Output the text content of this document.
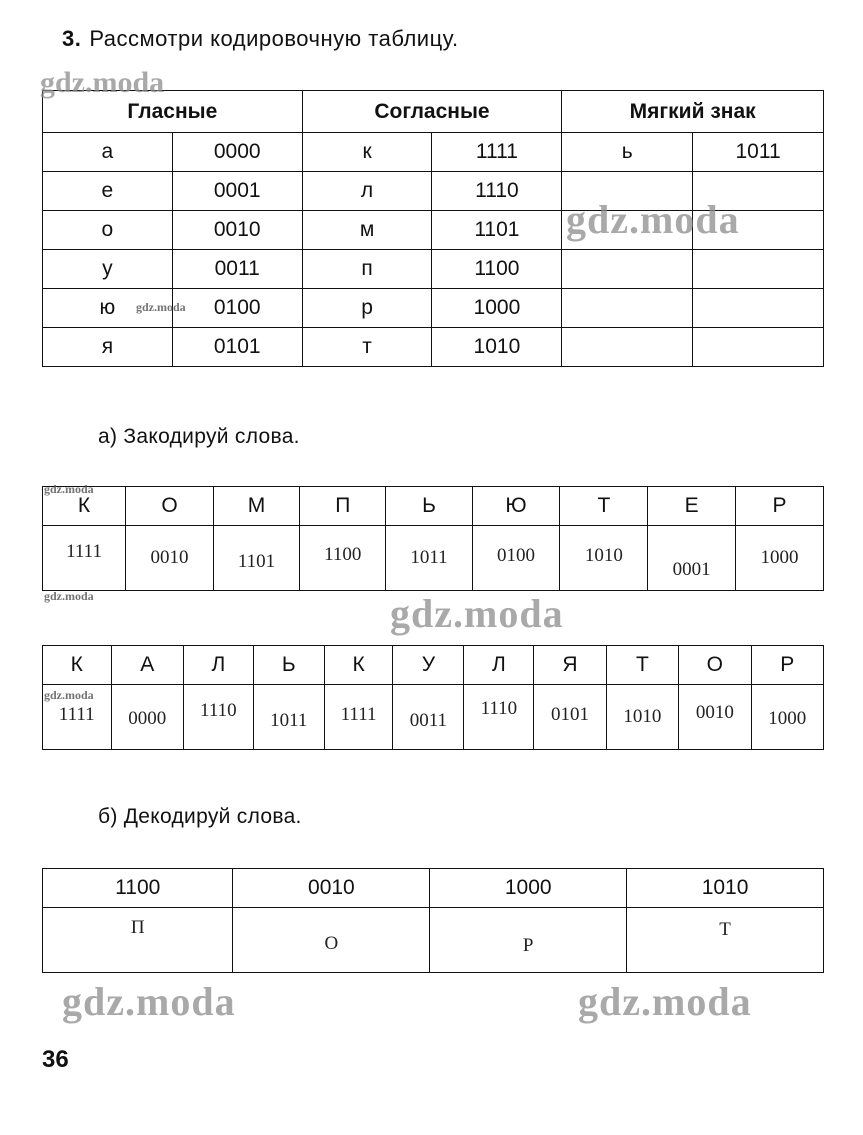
3. Рассмотри кодировочную таблицу.
Гласные		Согласные		Мягкий знак	
а	0000	к	1111	ь	1011
е	0001	л	1110		
о	0010	м	1101		
у	0011	п	1100		
ю	0100	р	1000		
я	0101	т	1010		
а) Закодируй слова.
К	О	М	П	Ь	Ю	Т	Е	Р
1111	0010	1101	1100	1011	0100	1010	0001	1000
К	А	Л	Ь	К	У	Л	Я	Т	О	Р
1111	0000	1110	1011	1111	0011	1110	0101	1010	0010	1000
б) Декодируй слова.
1100	0010	1000	1010
П	О	Р	Т
36
gdz.moda
gdz.moda
gdz.moda
gdz.moda
gdz.moda	gdz.moda
gdz.moda
gdz.moda	gdz.moda
